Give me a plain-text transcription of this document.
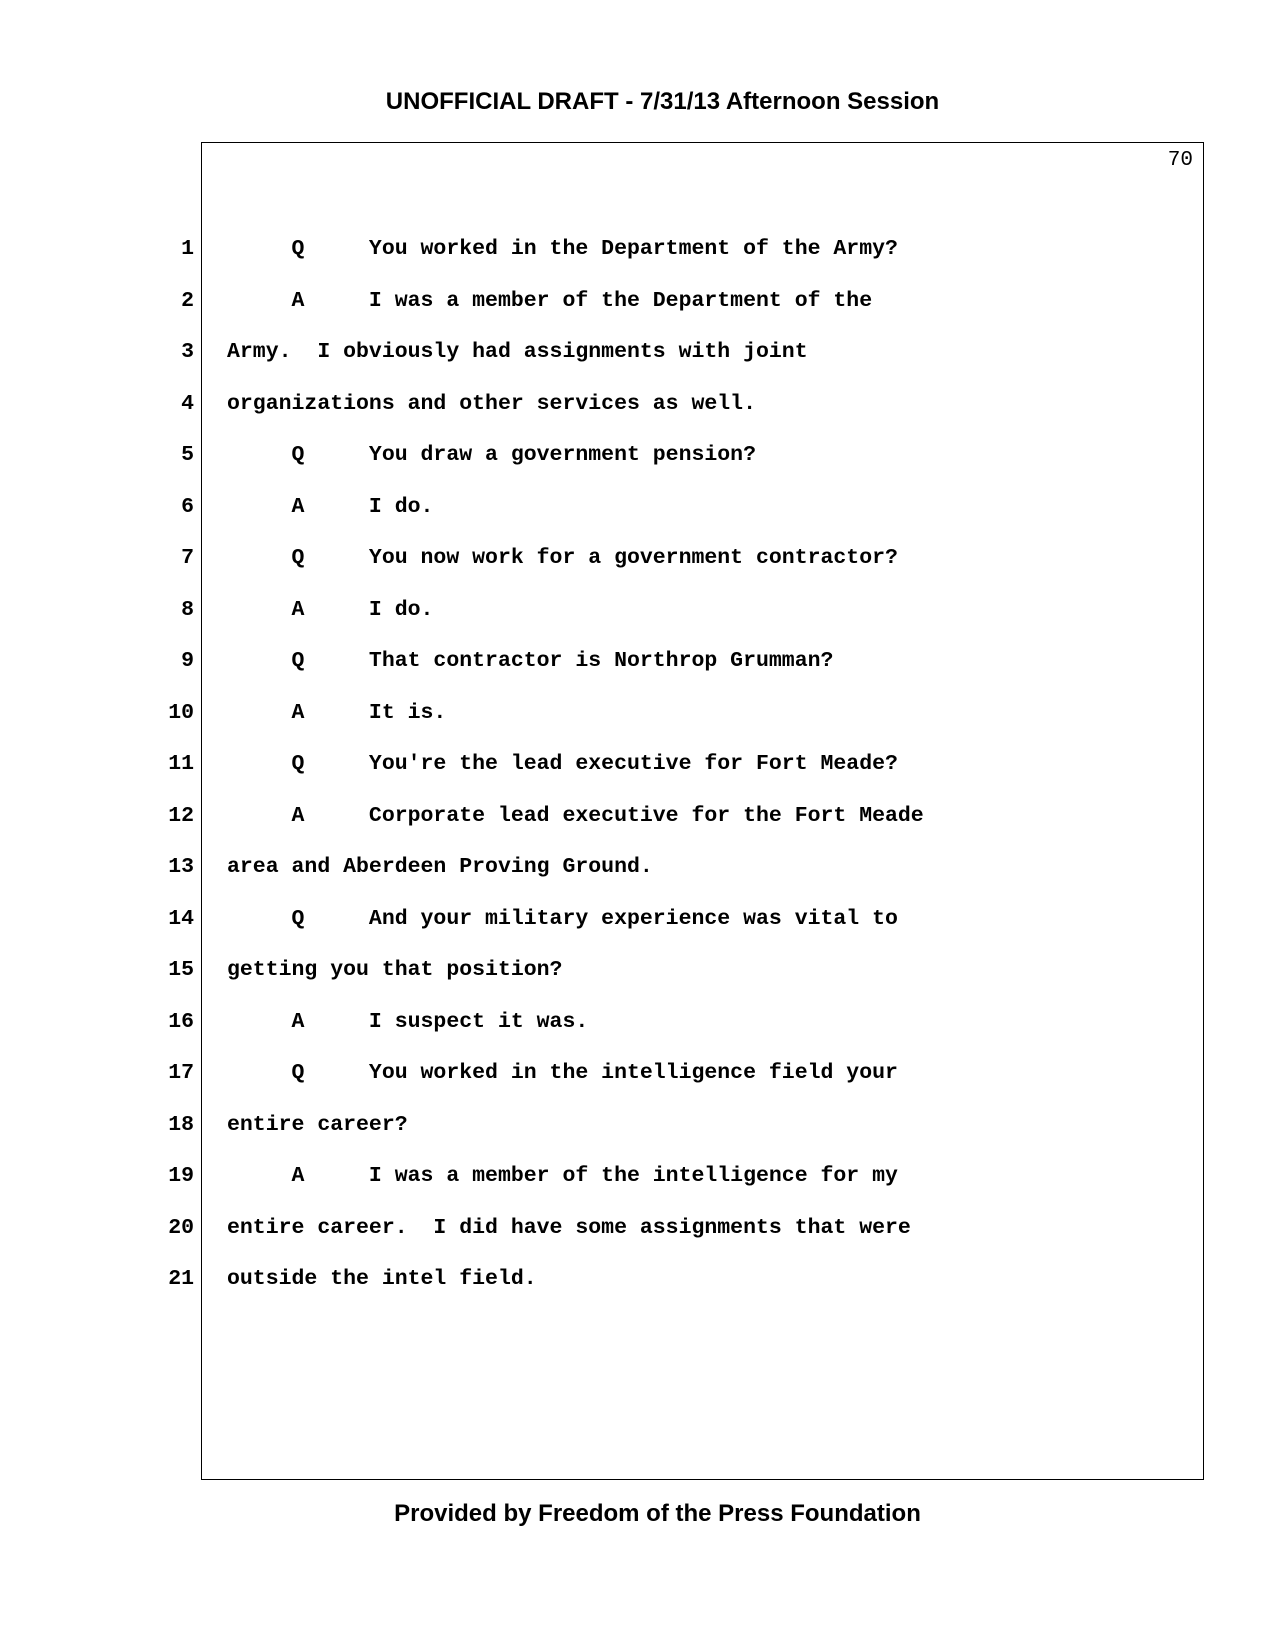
UNOFFICIAL DRAFT - 7/31/13 Afternoon Session
70
1 Q     You worked in the Department of the Army?
2 A     I was a member of the Department of the
3 Army.  I obviously had assignments with joint
4 organizations and other services as well.
5 Q     You draw a government pension?
6 A     I do.
7 Q     You now work for a government contractor?
8 A     I do.
9 Q     That contractor is Northrop Grumman?
10 A     It is.
11 Q     You're the lead executive for Fort Meade?
12 A     Corporate lead executive for the Fort Meade
13 area and Aberdeen Proving Ground.
14 Q     And your military experience was vital to
15 getting you that position?
16 A     I suspect it was.
17 Q     You worked in the intelligence field your
18 entire career?
19 A     I was a member of the intelligence for my
20 entire career.  I did have some assignments that were
21 outside the intel field.
Provided by Freedom of the Press Foundation
